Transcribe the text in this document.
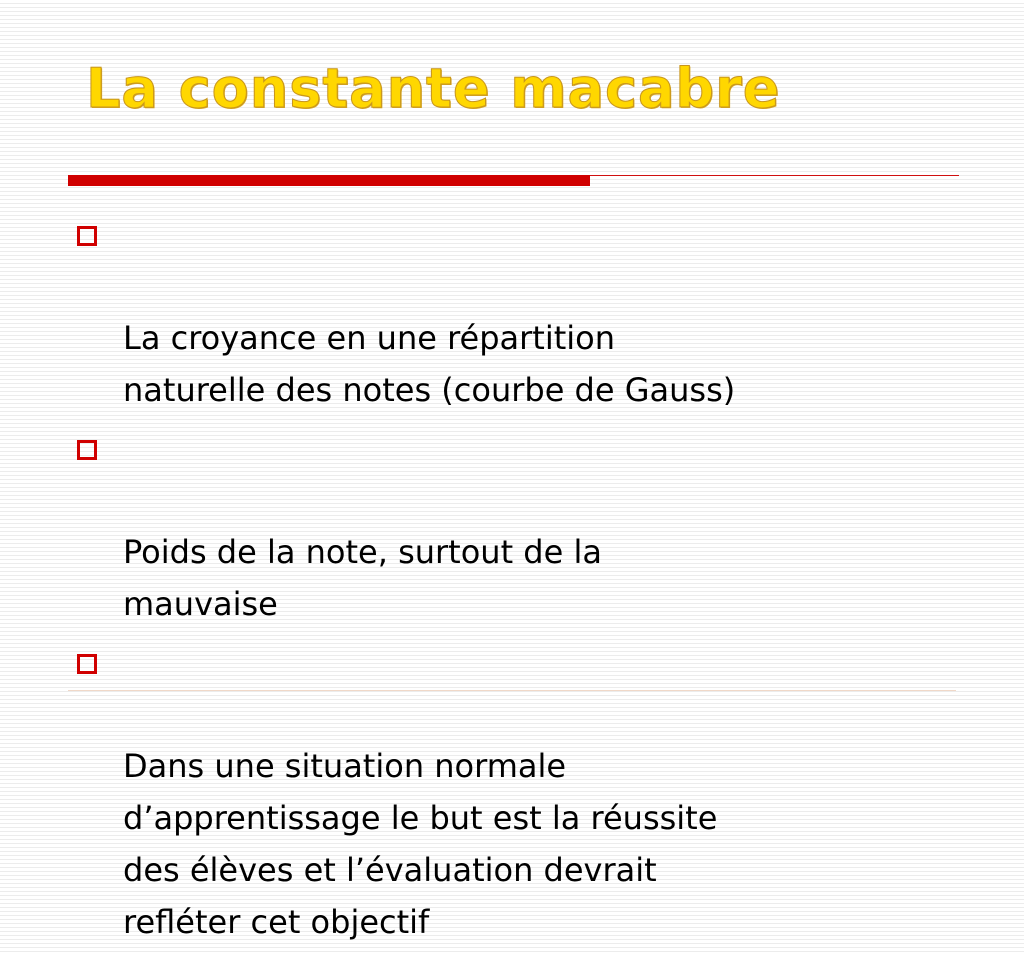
La constante macabre

La croyance en une répartition
naturelle des notes (courbe de Gauss)

Poids de la note, surtout de la
mauvaise

Dans une situation normale
d’apprentissage le but est la réussite
des élèves et l’évaluation devrait
refléter cet objectif
